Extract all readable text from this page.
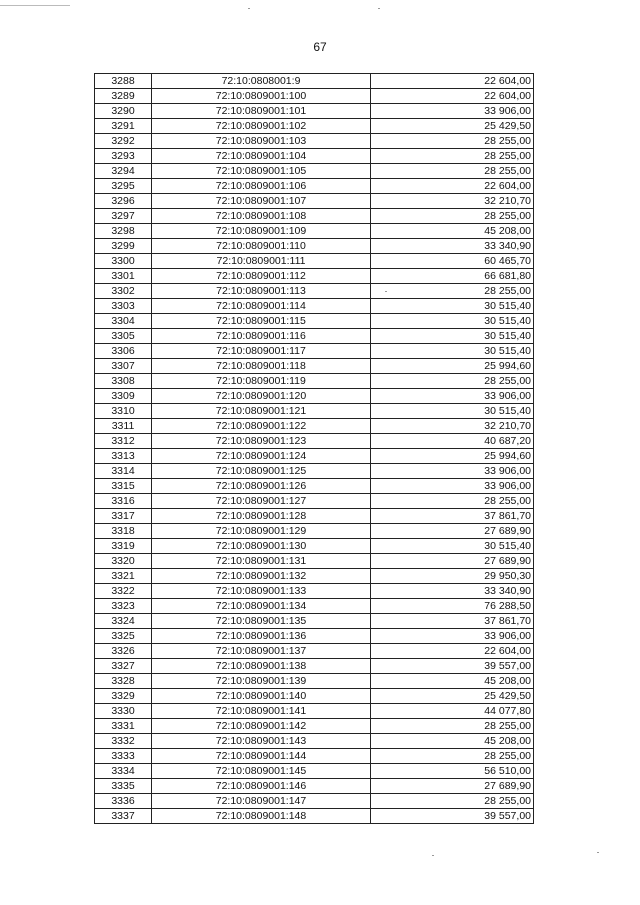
67
3288	72:10:0808001:9	22 604,00
3289	72:10:0809001:100	22 604,00
3290	72:10:0809001:101	33 906,00
3291	72:10:0809001:102	25 429,50
3292	72:10:0809001:103	28 255,00
3293	72:10:0809001:104	28 255,00
3294	72:10:0809001:105	28 255,00
3295	72:10:0809001:106	22 604,00
3296	72:10:0809001:107	32 210,70
3297	72:10:0809001:108	28 255,00
3298	72:10:0809001:109	45 208,00
3299	72:10:0809001:110	33 340,90
3300	72:10:0809001:111	60 465,70
3301	72:10:0809001:112	66 681,80
3302	72:10:0809001:113	28 255,00
3303	72:10:0809001:114	30 515,40
3304	72:10:0809001:115	30 515,40
3305	72:10:0809001:116	30 515,40
3306	72:10:0809001:117	30 515,40
3307	72:10:0809001:118	25 994,60
3308	72:10:0809001:119	28 255,00
3309	72:10:0809001:120	33 906,00
3310	72:10:0809001:121	30 515,40
3311	72:10:0809001:122	32 210,70
3312	72:10:0809001:123	40 687,20
3313	72:10:0809001:124	25 994,60
3314	72:10:0809001:125	33 906,00
3315	72:10:0809001:126	33 906,00
3316	72:10:0809001:127	28 255,00
3317	72:10:0809001:128	37 861,70
3318	72:10:0809001:129	27 689,90
3319	72:10:0809001:130	30 515,40
3320	72:10:0809001:131	27 689,90
3321	72:10:0809001:132	29 950,30
3322	72:10:0809001:133	33 340,90
3323	72:10:0809001:134	76 288,50
3324	72:10:0809001:135	37 861,70
3325	72:10:0809001:136	33 906,00
3326	72:10:0809001:137	22 604,00
3327	72:10:0809001:138	39 557,00
3328	72:10:0809001:139	45 208,00
3329	72:10:0809001:140	25 429,50
3330	72:10:0809001:141	44 077,80
3331	72:10:0809001:142	28 255,00
3332	72:10:0809001:143	45 208,00
3333	72:10:0809001:144	28 255,00
3334	72:10:0809001:145	56 510,00
3335	72:10:0809001:146	27 689,90
3336	72:10:0809001:147	28 255,00
3337	72:10:0809001:148	39 557,00
